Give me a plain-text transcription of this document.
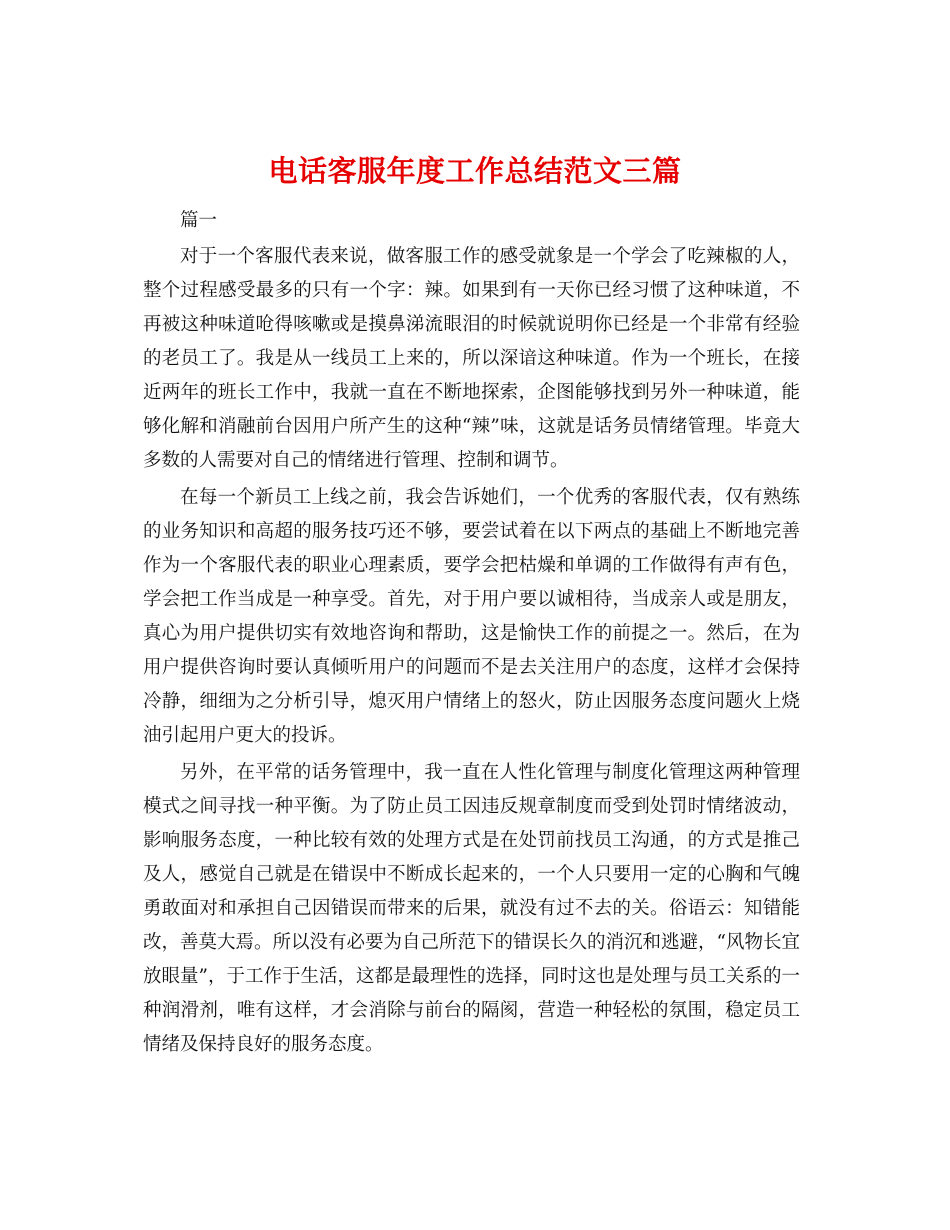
电话客服年度工作总结范文三篇

篇一

对于一个客服代表来说，做客服工作的感受就象是一个学会了吃辣椒的人，整个过程感受最多的只有一个字：辣。如果到有一天你已经习惯了这种味道，不再被这种味道呛得咳嗽或是摸鼻涕流眼泪的时候就说明你已经是一个非常有经验的老员工了。我是从一线员工上来的，所以深谙这种味道。作为一个班长，在接近两年的班长工作中，我就一直在不断地探索，企图能够找到另外一种味道，能够化解和消融前台因用户所产生的这种“辣”味，这就是话务员情绪管理。毕竟大多数的人需要对自己的情绪进行管理、控制和调节。

在每一个新员工上线之前，我会告诉她们，一个优秀的客服代表，仅有熟练的业务知识和高超的服务技巧还不够，要尝试着在以下两点的基础上不断地完善作为一个客服代表的职业心理素质，要学会把枯燥和单调的工作做得有声有色，学会把工作当成是一种享受。首先，对于用户要以诚相待，当成亲人或是朋友，真心为用户提供切实有效地咨询和帮助，这是愉快工作的前提之一。然后，在为用户提供咨询时要认真倾听用户的问题而不是去关注用户的态度，这样才会保持冷静，细细为之分析引导，熄灭用户情绪上的怒火，防止因服务态度问题火上烧油引起用户更大的投诉。

另外，在平常的话务管理中，我一直在人性化管理与制度化管理这两种管理模式之间寻找一种平衡。为了防止员工因违反规章制度而受到处罚时情绪波动，影响服务态度，一种比较有效的处理方式是在处罚前找员工沟通，的方式是推己及人，感觉自己就是在错误中不断成长起来的，一个人只要用一定的心胸和气魄勇敢面对和承担自己因错误而带来的后果，就没有过不去的关。俗语云：知错能改，善莫大焉。所以没有必要为自己所范下的错误长久的消沉和逃避，“风物长宜放眼量”，于工作于生活，这都是最理性的选择，同时这也是处理与员工关系的一种润滑剂，唯有这样，才会消除与前台的隔阂，营造一种轻松的氛围，稳定员工情绪及保持良好的服务态度。
